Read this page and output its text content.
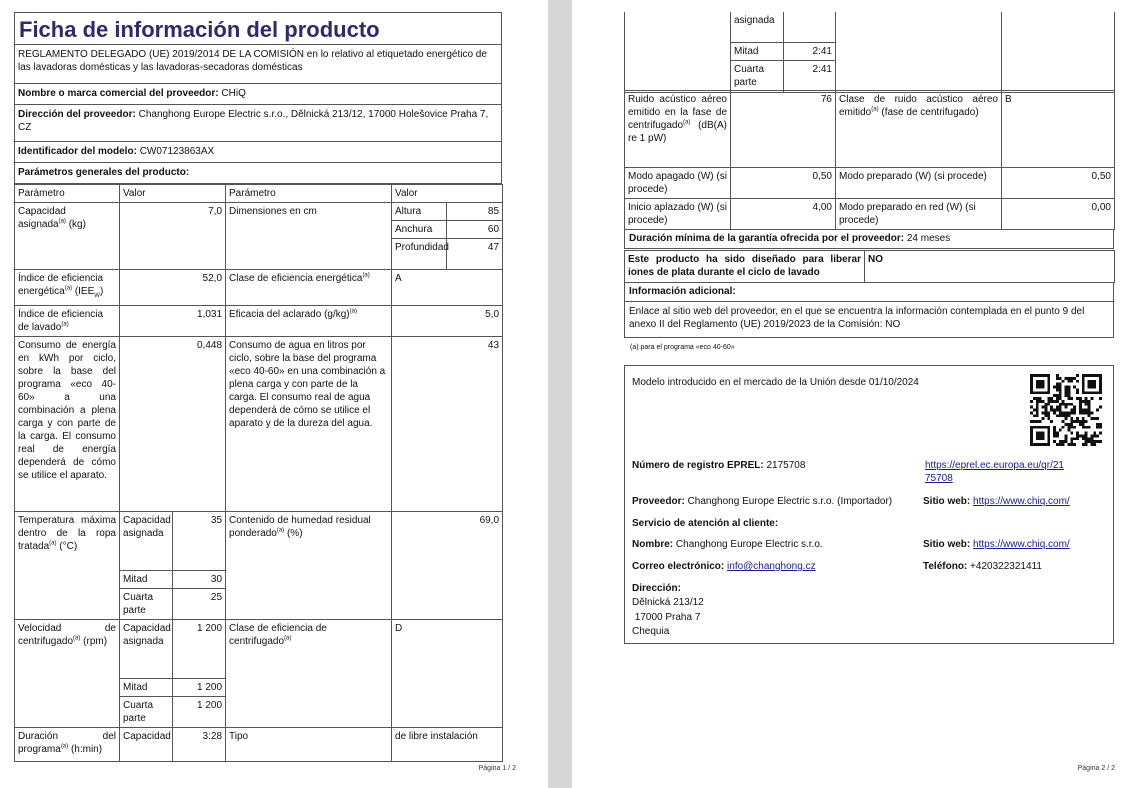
Ficha de información del producto
REGLAMENTO DELEGADO (UE) 2019/2014 DE LA COMISIÓN en lo relativo al etiquetado energético de las lavadoras domésticas y las lavadoras-secadoras domésticas
Nombre o marca comercial del proveedor: CHiQ
Dirección del proveedor: Changhong Europe Electric s.r.o., Dělnická 213/12, 17000 Holešovice Praha 7, CZ
Identificador del modelo: CW07123863AX
Parámetros generales del producto:
Parámetro	Valor		Parámetro	Valor	
Capacidad asignada$^{(a)}$ (kg)	7,0		Dimensiones en cm	Altura	85
				Anchura	60
				Profundidad	47
Índice de eficiencia energética$^{(a)}$ $(IEE_W)$	52,0		Clase de eficiencia energética$^{(a)}$	A	
Índice de eficiencia de lavado$^{(a)}$	1,031		Eficacia del aclarado $(g/kg)^{(a)}$	5,0	
Consumo de energía en kWh por ciclo, sobre la base del programa «eco 40-60» a una combinación a plena carga y con parte de la carga. El consumo real de energía dependerá de cómo se utilice el aparato.	0,448		Consumo de agua en litros por ciclo, sobre la base del programa «eco 40-60» en una combinación a plena carga y con parte de la carga. El consumo real de agua dependerá de cómo se utilice el aparato y de la dureza del agua.	43	
Temperatura máxima dentro de la ropa tratada$^{(a)}$ (°C)	Capacidad asignada	35	Contenido de humedad residual ponderado$^{(a)}$ (%)	69,0	
	Mitad	30			
	Cuarta parte	25			
Velocidad de centrifugado$^{(a)}$ (rpm)	Capacidad asignada	1 200	Clase de eficiencia de centrifugado$^{(a)}$	D	
	Mitad	1 200			
	Cuarta parte	1 200			
Duración del programa$^{(a)}$ (h:min)	Capacidad	3:28	Tipo	de libre instalación	
Página 1 / 2
	asignada			
	Mitad	2:41		
	Cuarta parte	2:41		
Ruido acústico aéreo emitido en la fase de centrifugado$^{(a)}$ (dB(A) re 1 pW)	76	Clase de ruido acústico aéreo emitido$^{(a)}$ (fase de centrifugado)	B
Modo apagado (W) (si procede)	0,50	Modo preparado (W) (si procede)	0,50
Inicio aplazado (W) (si procede)	4,00	Modo preparado en red (W) (si procede)	0,00
Duración mínima de la garantía ofrecida por el proveedor: 24 meses
Este producto ha sido diseñado para liberar iones de plata durante el ciclo de lavado	NO
Información adicional:
Enlace al sitio web del proveedor, en el que se encuentra la información contemplada en el punto 9 del anexo II del Reglamento (UE) 2019/2023 de la Comisión: NO
(a) para el programa «eco 40-60»
Modelo introducido en el mercado de la Unión desde 01/10/2024
Número de registro EPREL: 2175708	https://eprel.ec.europa.eu/qr/21
75708
Proveedor: Changhong Europe Electric s.r.o. (Importador)	Sitio web: https://www.chiq.com/
Servicio de atención al cliente:
Nombre: Changhong Europe Electric s.r.o.	Sitio web: https://www.chiq.com/
Correo electrónico: info@changhong.cz	Teléfono: +420322321411
Dirección:
Dělnická 213/12
17000 Praha 7
Chequia
Página 2 / 2
